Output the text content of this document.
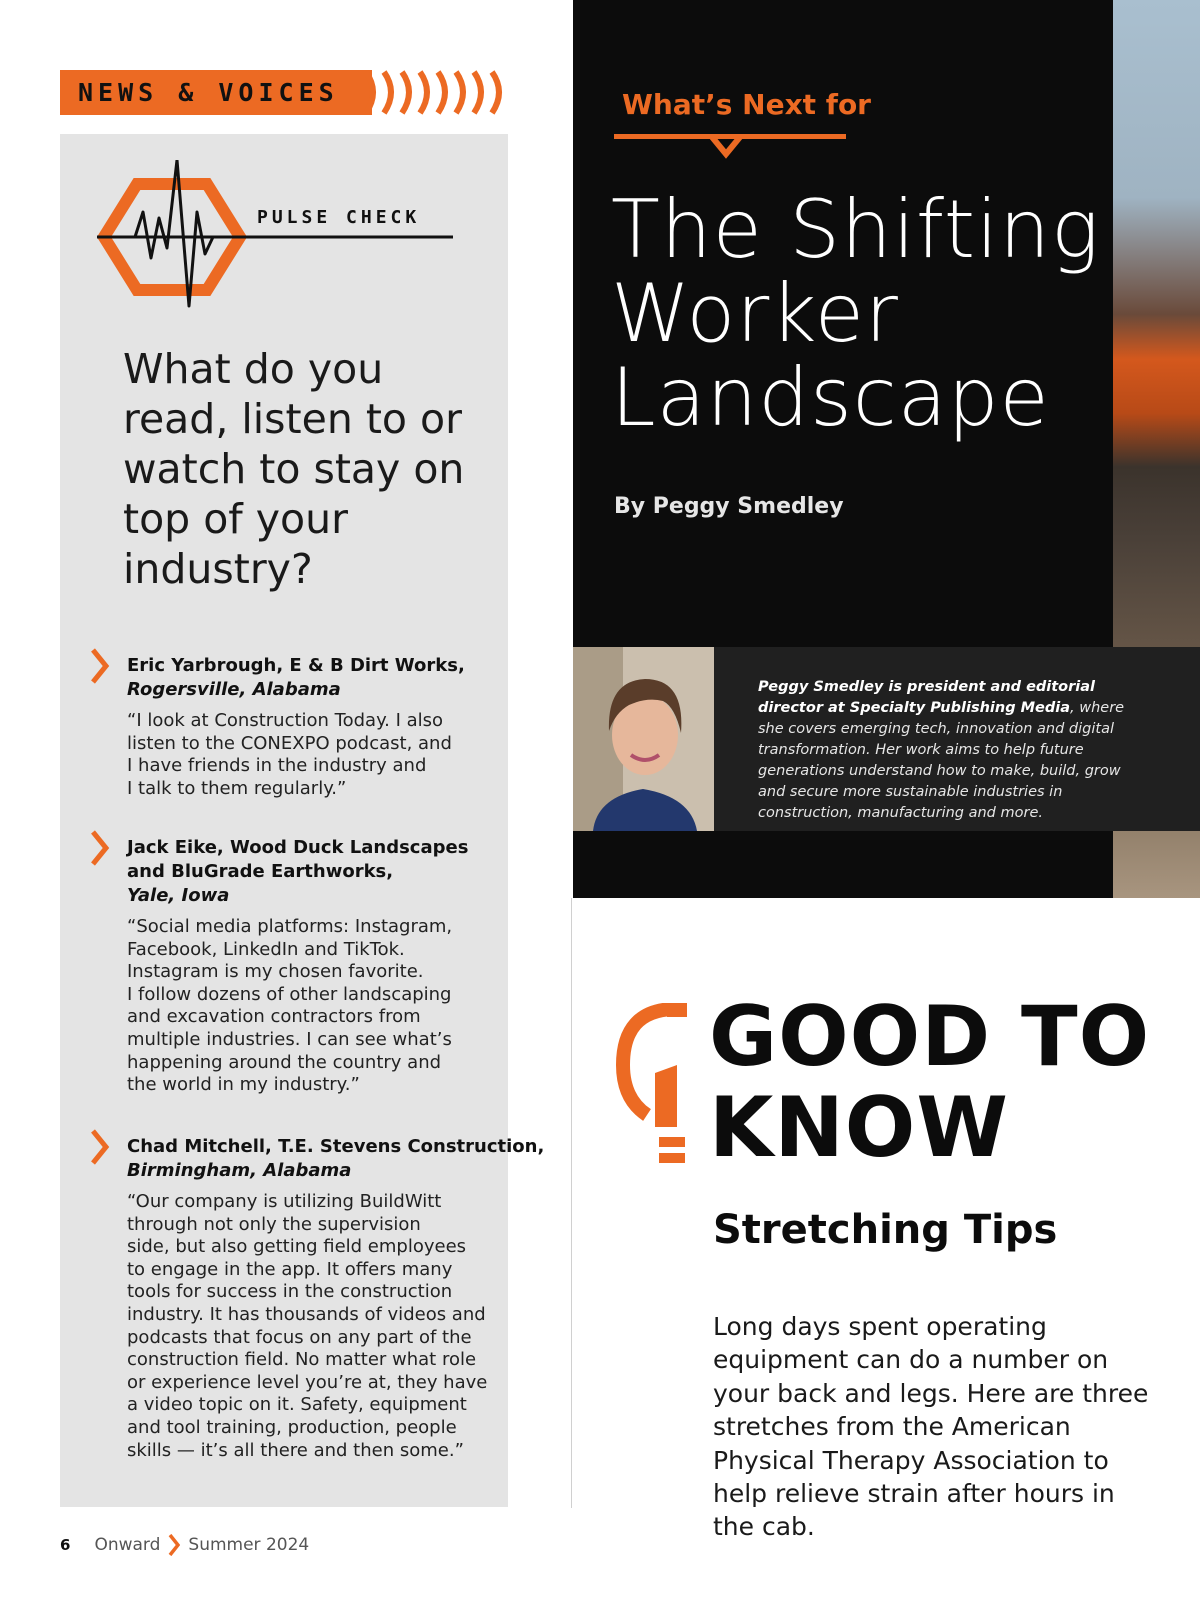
NEWS & VOICES
PULSE CHECK
What do you read, listen to or watch to stay on top of your industry?
Eric Yarbrough, E & B Dirt Works,
Rogersville, Alabama
“I look at Construction Today. I also
listen to the CONEXPO podcast, and
I have friends in the industry and
I talk to them regularly.”
Jack Eike, Wood Duck Landscapes
and BluGrade Earthworks,
Yale, Iowa
“Social media platforms: Instagram,
Facebook, LinkedIn and TikTok.
Instagram is my chosen favorite.
I follow dozens of other landscaping
and excavation contractors from
multiple industries. I can see what’s
happening around the country and
the world in my industry.”
Chad Mitchell, T.E. Stevens Construction,
Birmingham, Alabama
“Our company is utilizing BuildWitt
through not only the supervision
side, but also getting field employees
to engage in the app. It offers many
tools for success in the construction
industry. It has thousands of videos and
podcasts that focus on any part of the
construction field. No matter what role
or experience level you’re at, they have
a video topic on it. Safety, equipment
and tool training, production, people
skills — it’s all there and then some.”
What’s Next for
The Shifting
Worker
Landscape
By Peggy Smedley
Peggy Smedley is president and editorial director at Specialty Publishing Media, where she covers emerging tech, innovation and digital transformation. Her work aims to help future generations understand how to make, build, grow and secure more sustainable industries in construction, manufacturing and more.
GOOD TO
KNOW
Stretching Tips
Long days spent operating equipment can do a number on your back and legs. Here are three stretches from the American Physical Therapy Association to help relieve strain after hours in the cab.
6 Onward Summer 2024
